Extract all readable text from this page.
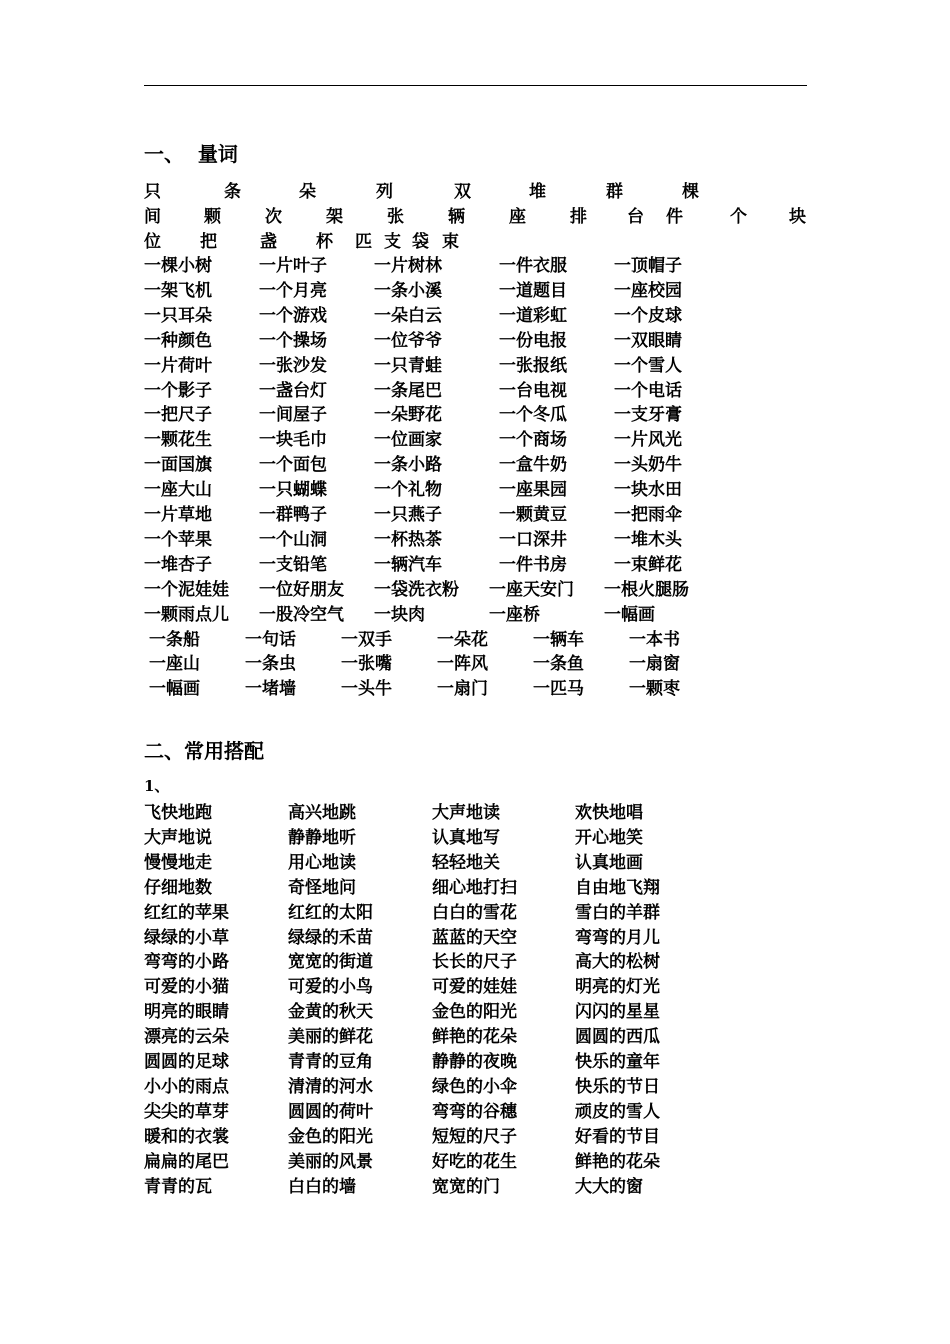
一、  量词
只	条	朵	列	双	堆	群	棵
间	颗	次	架	张	辆	座	排 台 件	个 块
位 把	盏 杯 匹 支 袋 束
一棵小树	一片叶子	一片树林	一件衣服	一顶帽子
一架飞机	一个月亮	一条小溪	一道题目	一座校园
一只耳朵	一个游戏	一朵白云	一道彩虹	一个皮球
一种颜色	一个操场	一位爷爷	一份电报	一双眼睛
一片荷叶	一张沙发	一只青蛙	一张报纸	一个雪人
一个影子	一盏台灯	一条尾巴	一台电视	一个电话
一把尺子	一间屋子	一朵野花	一个冬瓜	一支牙膏
一颗花生	一块毛巾	一位画家	一个商场	一片风光
一面国旗	一个面包	一条小路	一盒牛奶	一头奶牛
一座大山	一只蝴蝶	一个礼物	一座果园	一块水田
一片草地	一群鸭子	一只燕子	一颗黄豆	一把雨伞
一个苹果	一个山洞	一杯热茶	一口深井	一堆木头
一堆杏子	一支铅笔	一辆汽车	一件书房	一束鲜花
一个泥娃娃 一位好朋友 一袋洗衣粉 一座天安门 一根火腿肠
一颗雨点儿 一股冷空气 一块肉	一座桥	一幅画
一条船	一句话	一双手	一朵花	一辆车	一本书
一座山	一条虫	一张嘴	一阵风	一条鱼	一扇窗
一幅画	一堵墙	一头牛	一扇门	一匹马	一颗枣
二、常用搭配
1、
飞快地跑	高兴地跳	大声地读	欢快地唱
大声地说	静静地听	认真地写	开心地笑
慢慢地走	用心地读	轻轻地关	认真地画
仔细地数	奇怪地问	细心地打扫	自由地飞翔
红红的苹果	红红的太阳	白白的雪花	雪白的羊群
绿绿的小草	绿绿的禾苗	蓝蓝的天空	弯弯的月儿
弯弯的小路	宽宽的街道	长长的尺子	高大的松树
可爱的小猫	可爱的小鸟	可爱的娃娃	明亮的灯光
明亮的眼睛	金黄的秋天	金色的阳光	闪闪的星星
漂亮的云朵	美丽的鲜花	鲜艳的花朵	圆圆的西瓜
圆圆的足球	青青的豆角	静静的夜晚	快乐的童年
小小的雨点	清清的河水	绿色的小伞	快乐的节日
尖尖的草芽	圆圆的荷叶	弯弯的谷穗	顽皮的雪人
暖和的衣裳	金色的阳光	短短的尺子	好看的节目
扁扁的尾巴	美丽的风景	好吃的花生	鲜艳的花朵
青青的瓦	白白的墙	宽宽的门	大大的窗
